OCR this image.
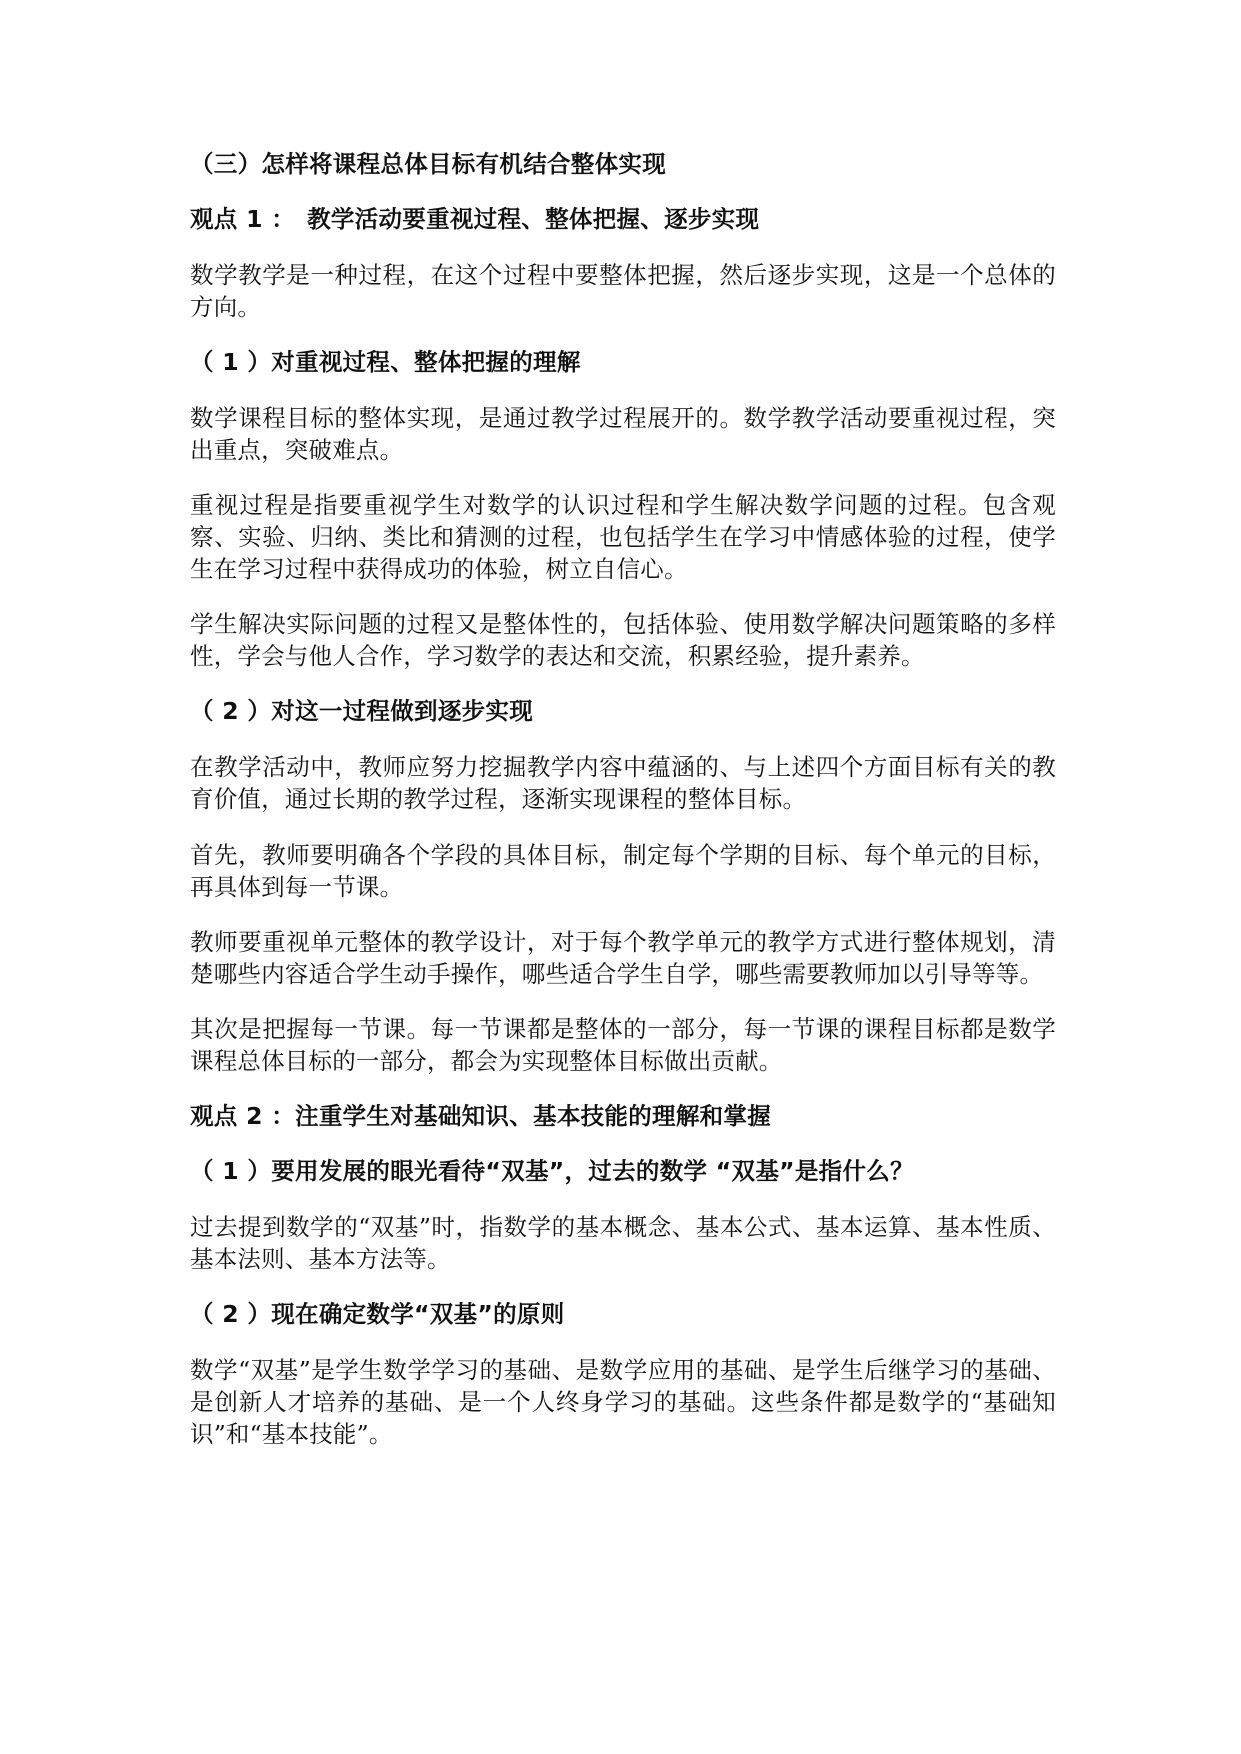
（三）怎样将课程总体目标有机结合整体实现

观点 1 ：　教学活动要重视过程、整体把握、逐步实现

数学教学是一种过程，在这个过程中要整体把握，然后逐步实现，这是一个总体的方向。

（ 1 ）对重视过程、整体把握的理解

数学课程目标的整体实现，是通过教学过程展开的。数学教学活动要重视过程，突出重点，突破难点。

重视过程是指要重视学生对数学的认识过程和学生解决数学问题的过程。包含观察、实验、归纳、类比和猜测的过程，也包括学生在学习中情感体验的过程，使学生在学习过程中获得成功的体验，树立自信心。

学生解决实际问题的过程又是整体性的，包括体验、使用数学解决问题策略的多样性，学会与他人合作，学习数学的表达和交流，积累经验，提升素养。

（ 2 ）对这一过程做到逐步实现

在教学活动中，教师应努力挖掘教学内容中蕴涵的、与上述四个方面目标有关的教育价值，通过长期的教学过程，逐渐实现课程的整体目标。

首先，教师要明确各个学段的具体目标，制定每个学期的目标、每个单元的目标，再具体到每一节课。

教师要重视单元整体的教学设计，对于每个教学单元的教学方式进行整体规划，清楚哪些内容适合学生动手操作，哪些适合学生自学，哪些需要教师加以引导等等。

其次是把握每一节课。每一节课都是整体的一部分，每一节课的课程目标都是数学课程总体目标的一部分，都会为实现整体目标做出贡献。

观点 2 ：注重学生对基础知识、基本技能的理解和掌握

（ 1 ）要用发展的眼光看待“双基”，过去的数学 “双基”是指什么？

过去提到数学的“双基”时，指数学的基本概念、基本公式、基本运算、基本性质、基本法则、基本方法等。

（ 2 ）现在确定数学“双基”的原则

数学“双基”是学生数学学习的基础、是数学应用的基础、是学生后继学习的基础、是创新人才培养的基础、是一个人终身学习的基础。这些条件都是数学的“基础知识”和“基本技能”。
